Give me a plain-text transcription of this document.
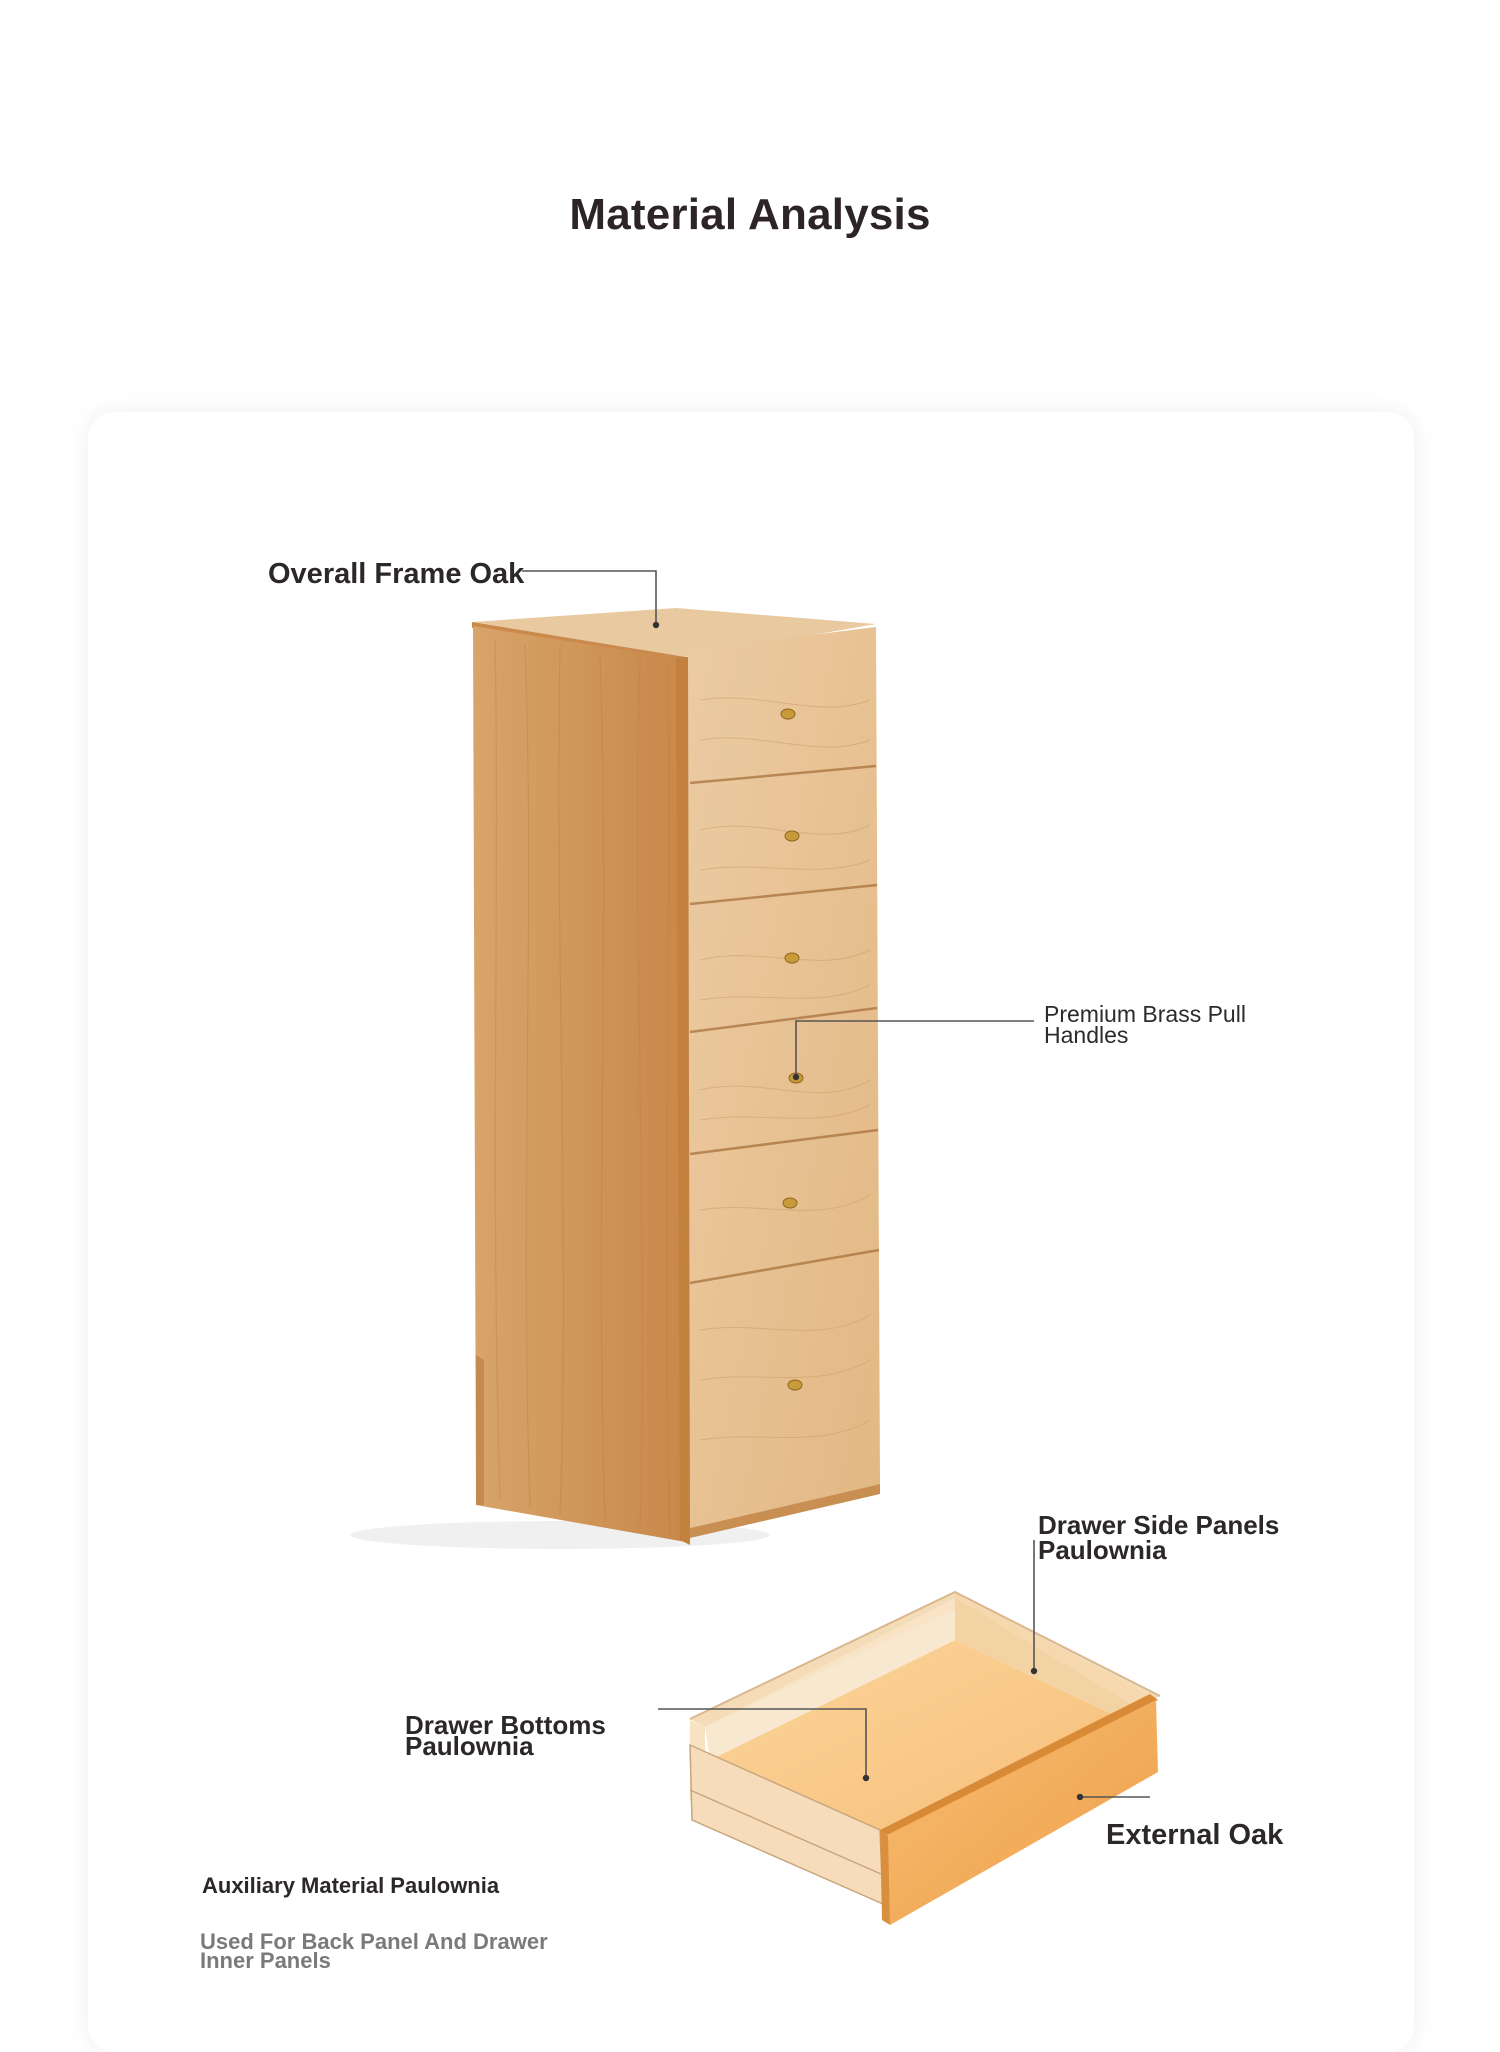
Material Analysis
Overall Frame Oak
Premium Brass Pull Handles
Drawer Side Panels Paulownia
Drawer Bottoms Paulownia
External Oak
Auxiliary Material Paulownia
Used For Back Panel And Drawer Inner Panels
